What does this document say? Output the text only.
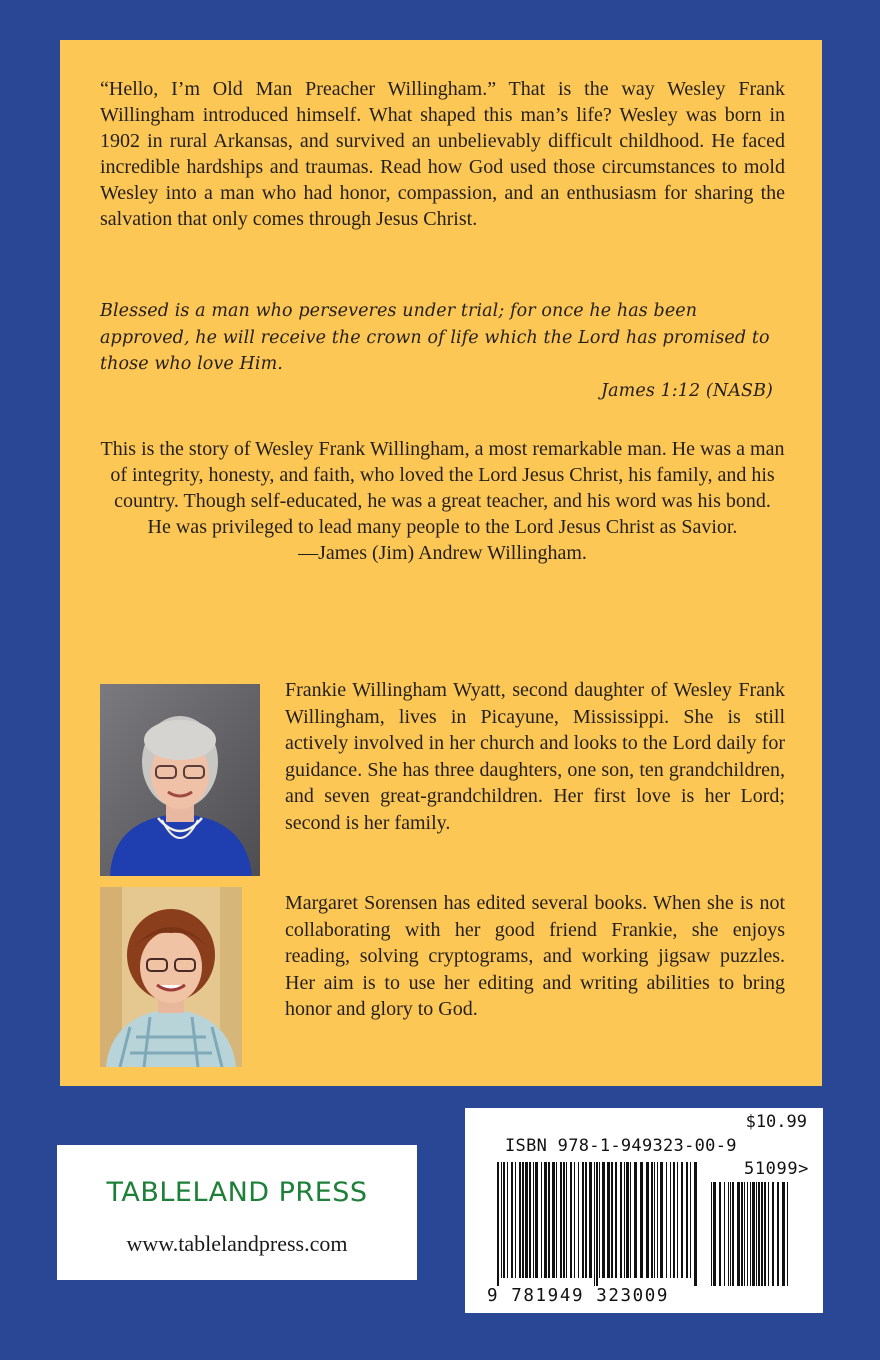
“Hello, I’m Old Man Preacher Willingham.” That is the way Wesley Frank Willingham introduced himself. What shaped this man’s life? Wesley was born in 1902 in rural Arkansas, and survived an unbelievably difficult childhood. He faced incredible hardships and traumas. Read how God used those circumstances to mold Wesley into a man who had honor, compassion, and an enthusiasm for sharing the salvation that only comes through Jesus Christ.
Blessed is a man who perseveres under trial; for once he has been approved, he will receive the crown of life which the Lord has promised to those who love Him.
James 1:12 (NASB)
This is the story of Wesley Frank Willingham, a most remarkable man. He was a man of integrity, honesty, and faith, who loved the Lord Jesus Christ, his family, and his country. Though self-educated, he was a great teacher, and his word was his bond. He was privileged to lead many people to the Lord Jesus Christ as Savior.
—James (Jim) Andrew Willingham.
Frankie Willingham Wyatt, second daughter of Wesley Frank Willingham, lives in Picayune, Mississippi. She is still actively involved in her church and looks to the Lord daily for guidance. She has three daughters, one son, ten grandchildren, and seven great-grandchildren. Her first love is her Lord; second is her family.
Margaret Sorensen has edited several books. When she is not collaborating with her good friend Frankie, she enjoys reading, solving cryptograms, and working jigsaw puzzles. Her aim is to use her editing and writing abilities to bring honor and glory to God.
TABLELAND PRESS
www.tablelandpress.com
$10.99
ISBN 978-1-949323-00-9
51099>
9 781949 323009
